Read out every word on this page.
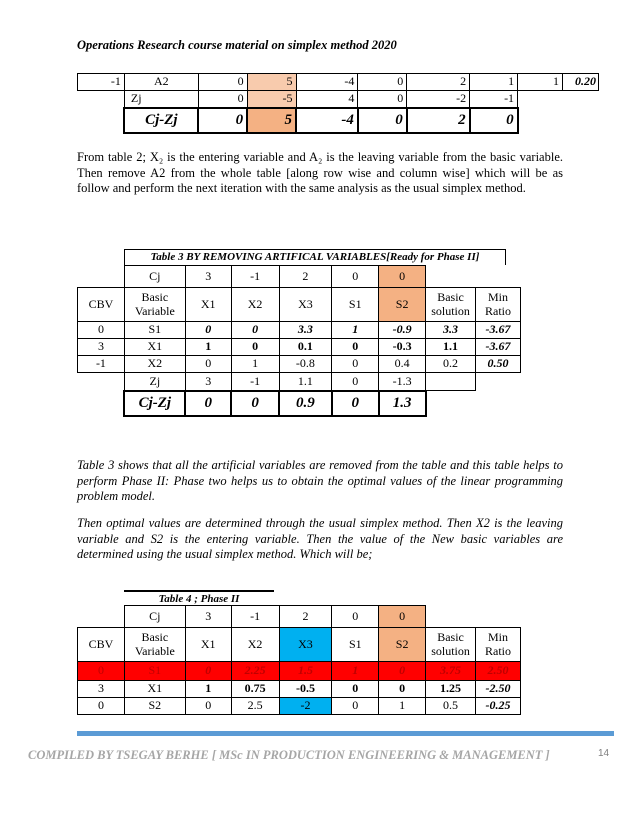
Operations Research course material on simplex method 2020
-1	A2	0	5	-4	0	2	1	1	0.20
	Zj	0	-5	4	0	-2	-1		
	Cj-Zj	0	5	-4	0	2	0		

From table 2; X₂ is the entering variable and A₂ is the leaving variable from the basic variable. Then remove A2 from the whole table [along row wise and column wise] which will be as follow and perform the next iteration with the same analysis as the usual simplex method.

Table 3 BY REMOVING ARTIFICAL VARIABLES[Ready for Phase II]
	Cj	3	-1	2	0	0		
CBV	Basic Variable	X1	X2	X3	S1	S2	Basic solution	Min Ratio
0	S1	0	0	3.3	1	-0.9	3.3	-3.67
3	X1	1	0	0.1	0	-0.3	1.1	-3.67
-1	X2	0	1	-0.8	0	0.4	0.2	0.50
	Zj	3	-1	1.1	0	-1.3		
	Cj-Zj	0	0	0.9	0	1.3		

Table 3 shows that all the artificial variables are removed from the table and this table helps to perform Phase II: Phase two helps us to obtain the optimal values of the linear programming problem model.

Then optimal values are determined through the usual simplex method. Then X2 is the leaving variable and S2 is the entering variable. Then the value of the New basic variables are determined using the usual simplex method. Which will be;

Table 4 ; Phase II
	Cj	3	-1	2	0	0		
CBV	Basic Variable	X1	X2	X3	S1	S2	Basic solution	Min Ratio
0	S1	0	2.25	1.5	1	0	3.75	2.50
3	X1	1	0.75	-0.5	0	0	1.25	-2.50
0	S2	0	2.5	-2	0	1	0.5	-0.25
COMPILED BY TSEGAY BERHE [ MSc IN PRODUCTION ENGINEERING & MANAGEMENT ]	14
